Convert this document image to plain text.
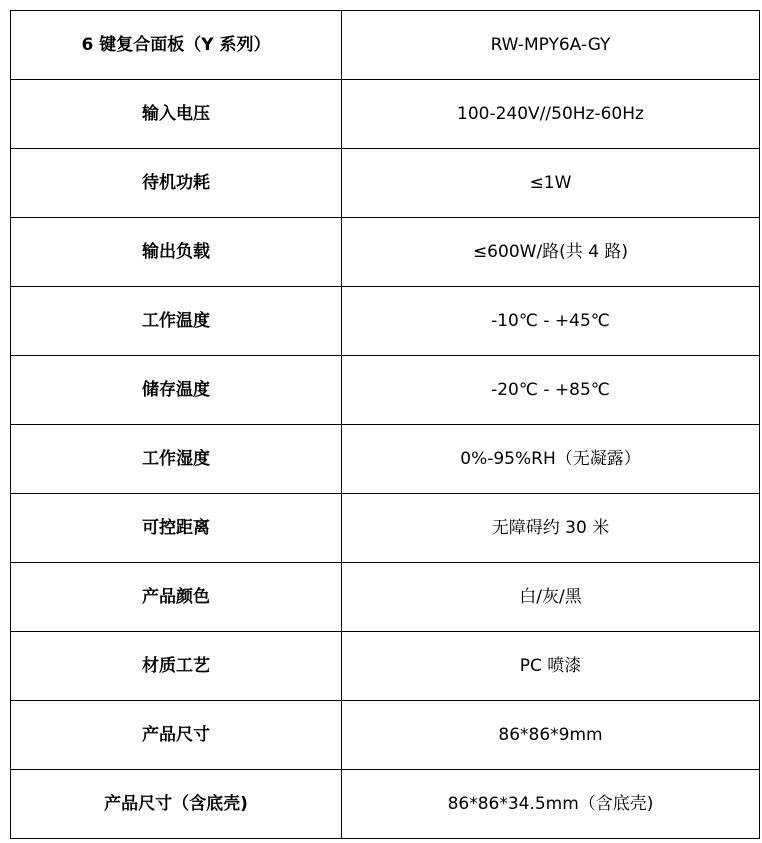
6 键复合面板（Y 系列）	RW-MPY6A-GY
输入电压	100-240V//50Hz-60Hz
待机功耗	≤1W
输出负载	≤600W/路(共 4 路)
工作温度	-10℃ - +45℃
储存温度	-20℃ - +85℃
工作湿度	0%-95%RH（无凝露）
可控距离	无障碍约 30 米
产品颜色	白/灰/黑
材质工艺	PC 喷漆
产品尺寸	86*86*9mm
产品尺寸（含底壳)	86*86*34.5mm（含底壳)
